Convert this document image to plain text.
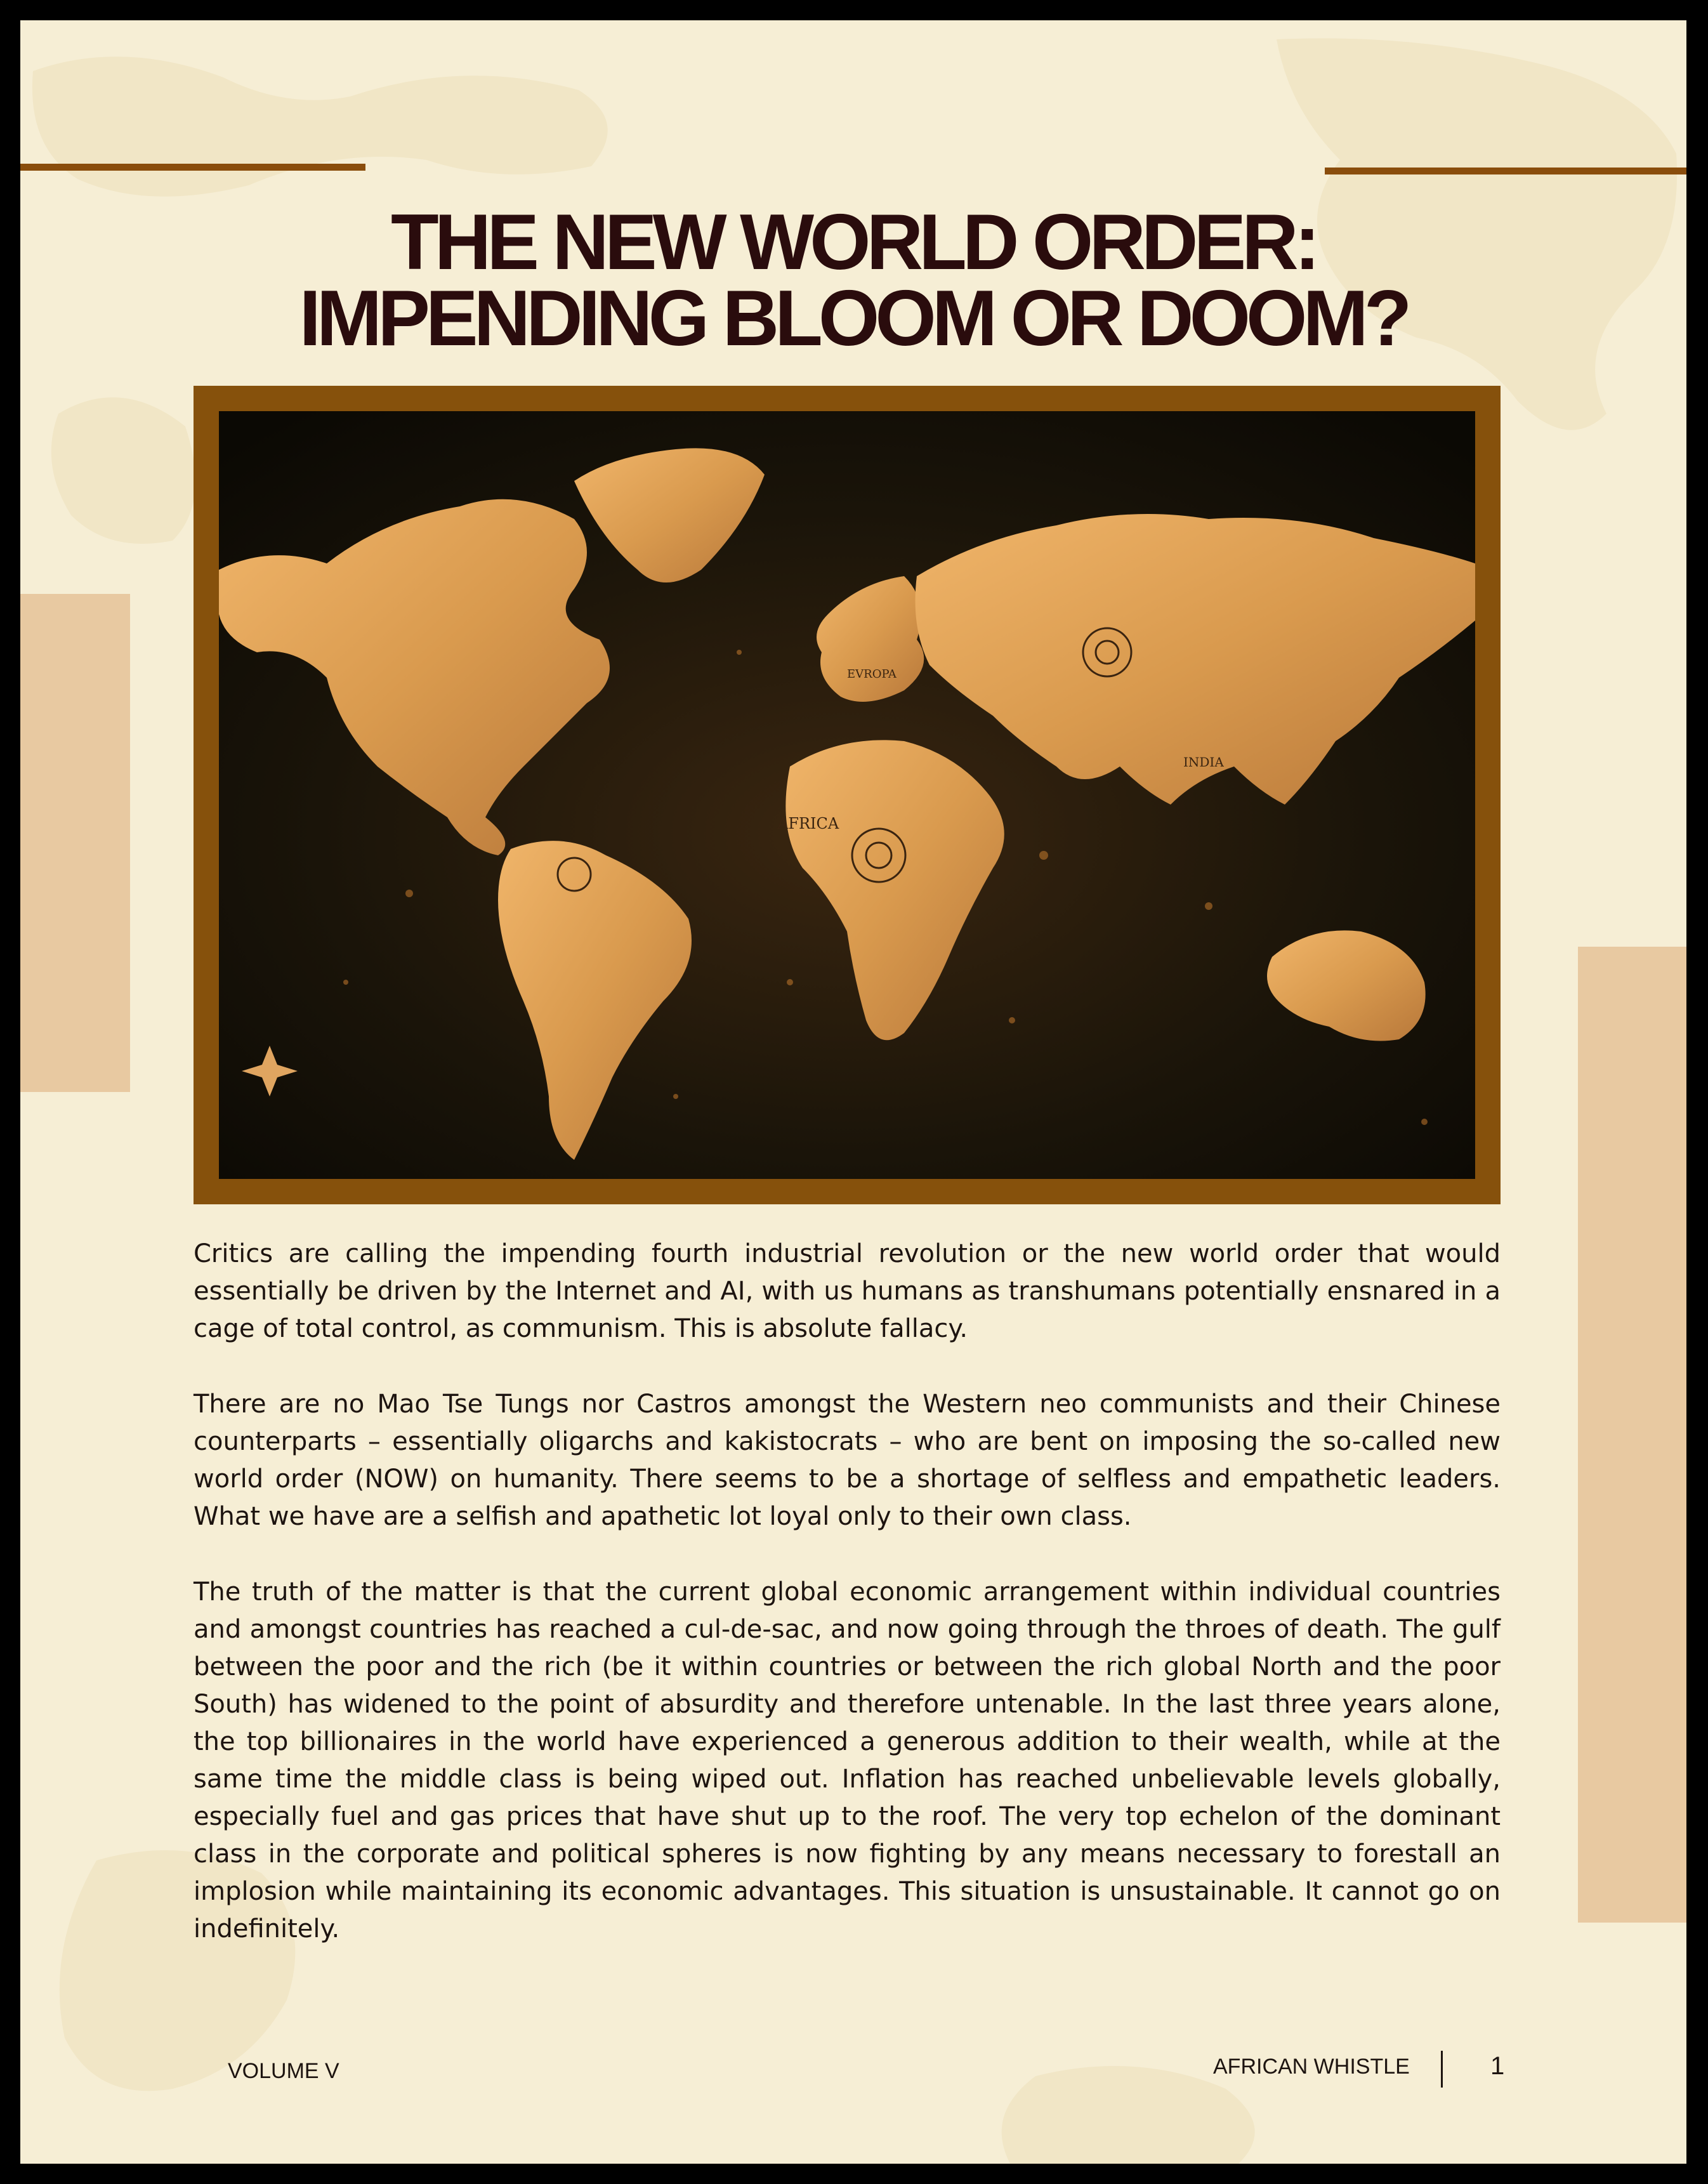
THE NEW WORLD ORDER:
IMPENDING BLOOM OR DOOM?
AFRICA
EVROPA
INDIA

Critics are calling the impending fourth industrial revolution or the new world order that would essentially be driven by the Internet and AI, with us humans as transhumans potentially ensnared in a cage of total control, as communism. This is absolute fallacy.

There are no Mao Tse Tungs nor Castros amongst the Western neo communists and their Chinese counterparts – essentially oligarchs and kakistocrats – who are bent on imposing the so-called new world order (NOW) on humanity. There seems to be a shortage of selfless and empathetic leaders. What we have are a selfish and apathetic lot loyal only to their own class.

The truth of the matter is that the current global economic arrangement within individual countries and amongst countries has reached a cul-de-sac, and now going through the throes of death. The gulf between the poor and the rich (be it within countries or between the rich global North and the poor South) has widened to the point of absurdity and therefore untenable. In the last three years alone, the top billionaires in the world have experienced a generous addition to their wealth, while at the same time the middle class is being wiped out. Inflation has reached unbelievable levels globally, especially fuel and gas prices that have shut up to the roof. The very top echelon of the dominant class in the corporate and political spheres is now fighting by any means necessary to forestall an implosion while maintaining its economic advantages. This situation is unsustainable. It cannot go on indefinitely.

VOLUME V	AFRICAN WHISTLE	1
